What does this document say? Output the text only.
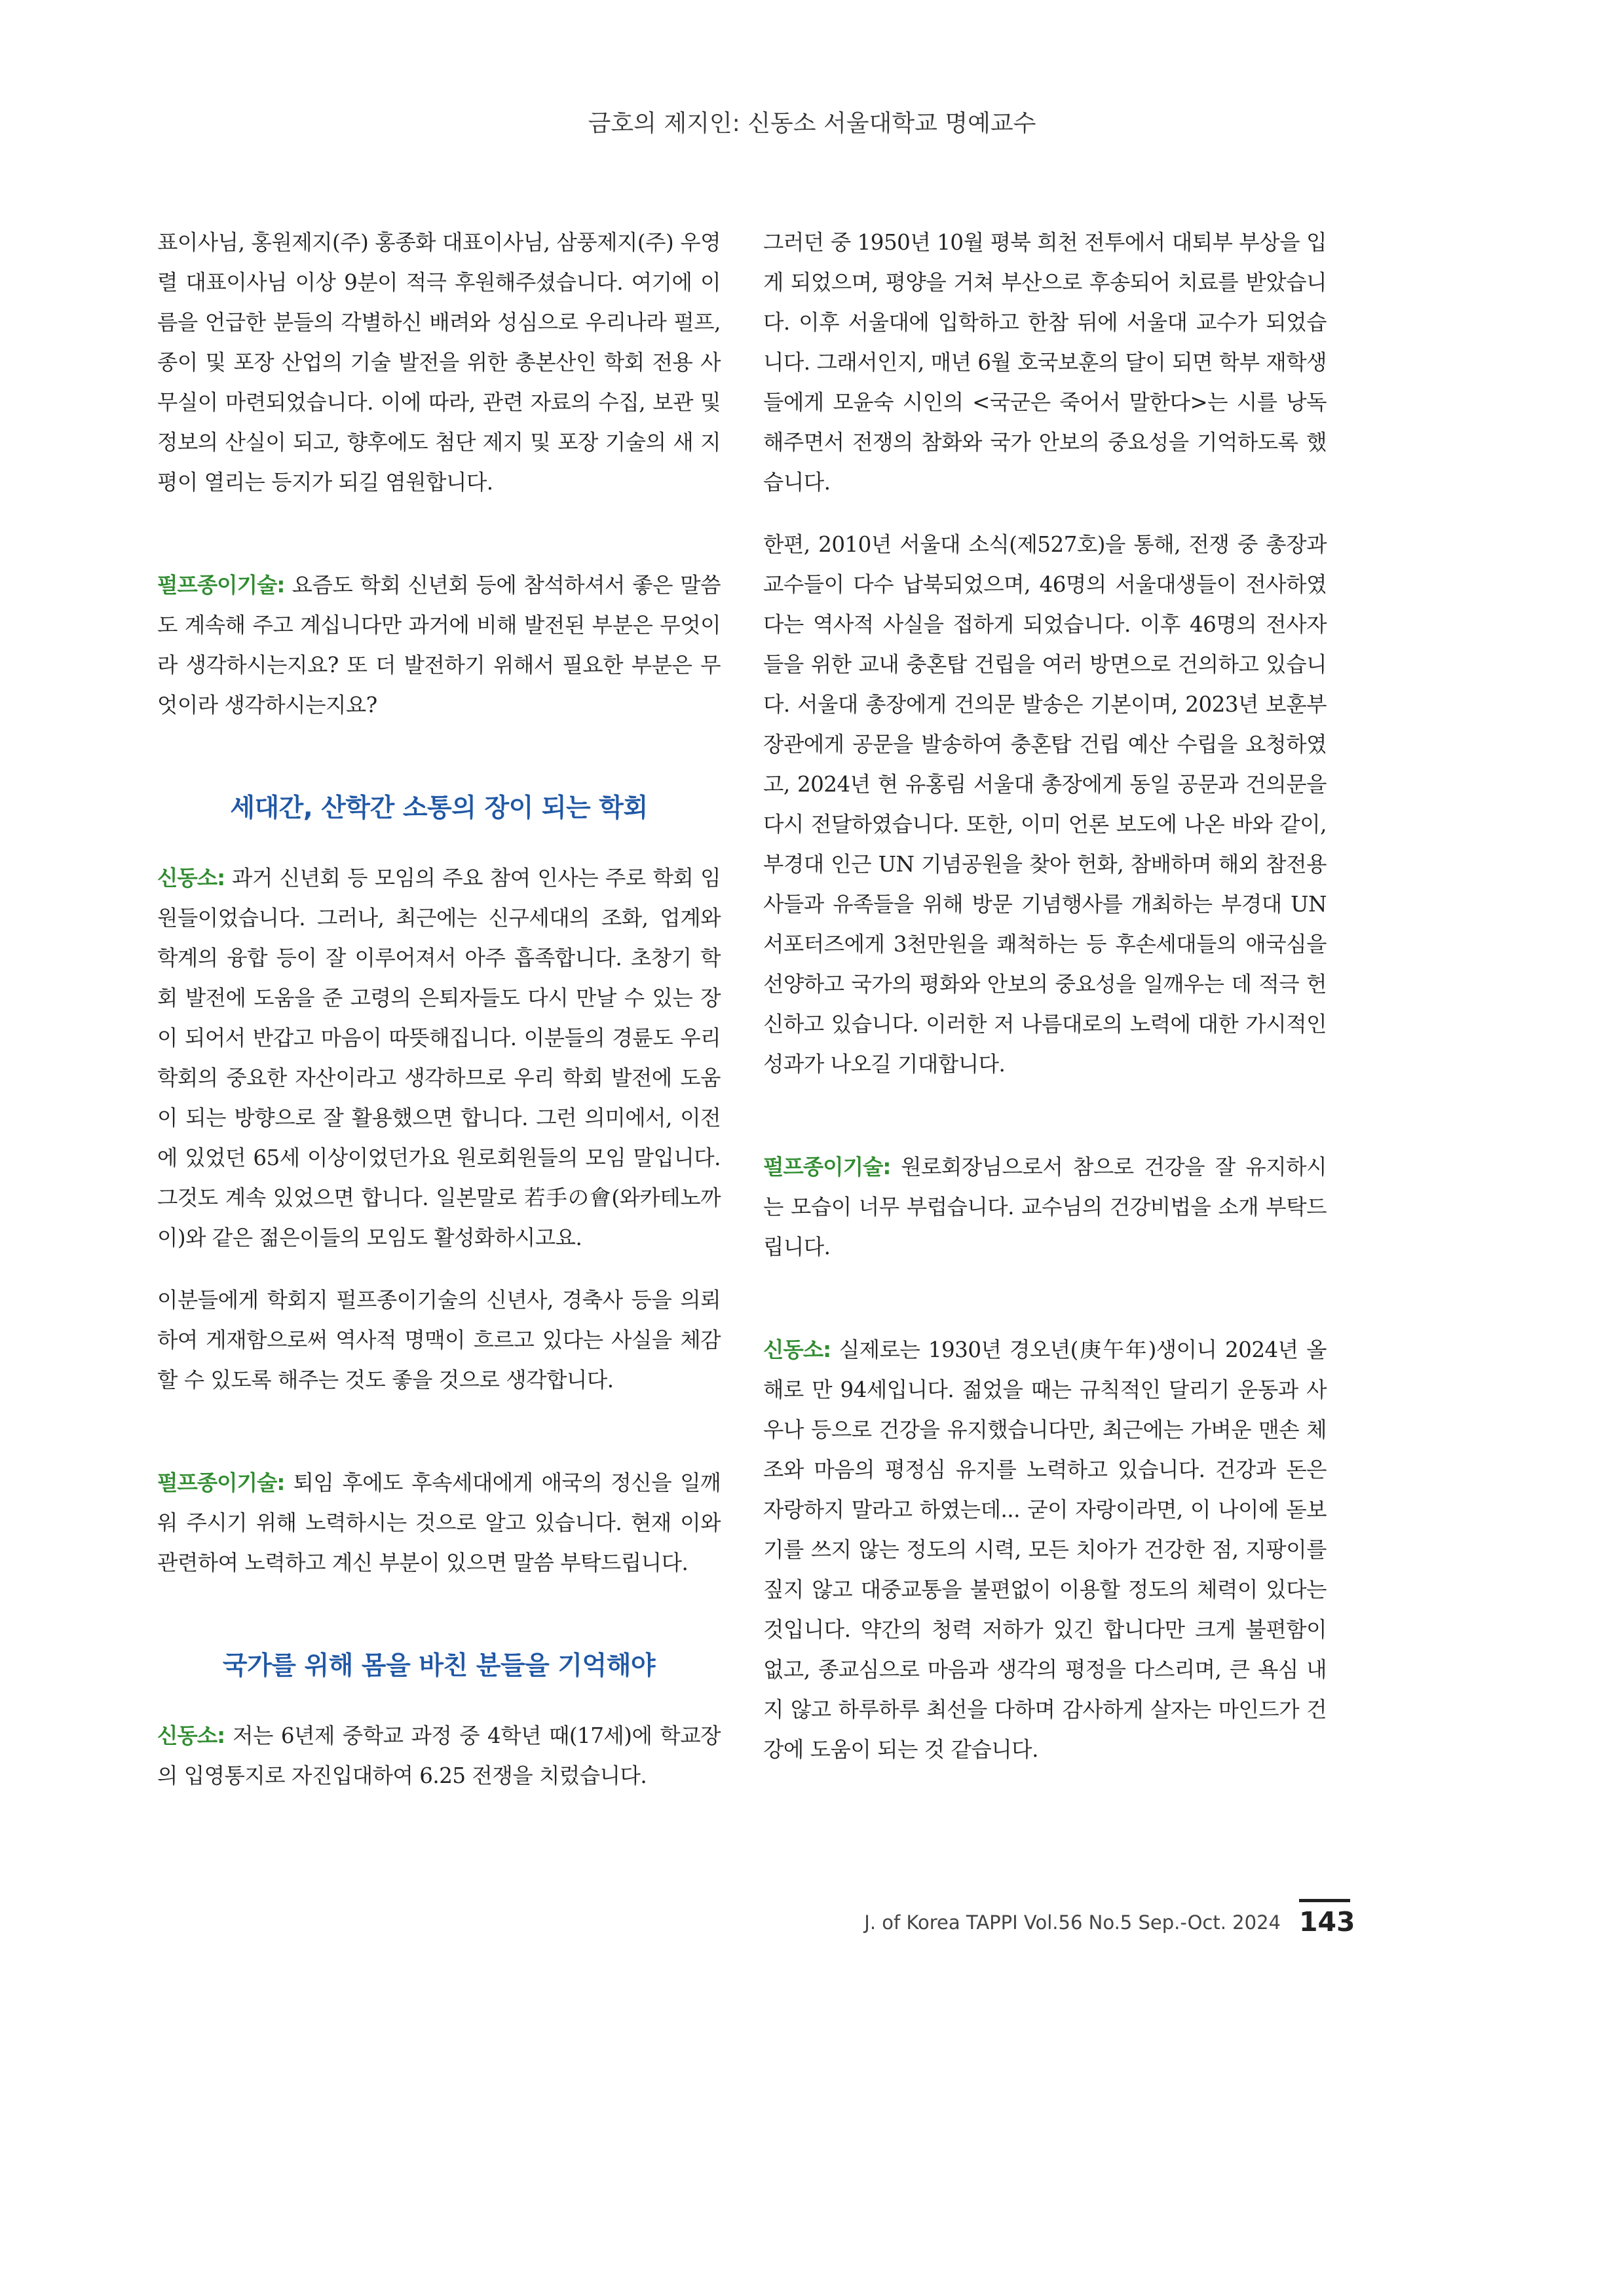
금호의 제지인: 신동소 서울대학교 명예교수

표이사님, 홍원제지(주) 홍종화 대표이사님, 삼풍제지(주) 우영렬 대표이사님 이상 9분이 적극 후원해주셨습니다. 여기에 이름을 언급한 분들의 각별하신 배려와 성심으로 우리나라 펄프, 종이 및 포장 산업의 기술 발전을 위한 총본산인 학회 전용 사무실이 마련되었습니다. 이에 따라, 관련 자료의 수집, 보관 및 정보의 산실이 되고, 향후에도 첨단 제지 및 포장 기술의 새 지평이 열리는 등지가 되길 염원합니다.

펄프종이기술: 요즘도 학회 신년회 등에 참석하셔서 좋은 말씀도 계속해 주고 계십니다만 과거에 비해 발전된 부분은 무엇이라 생각하시는지요? 또 더 발전하기 위해서 필요한 부분은 무엇이라 생각하시는지요?

세대간, 산학간 소통의 장이 되는 학회

신동소: 과거 신년회 등 모임의 주요 참여 인사는 주로 학회 임원들이었습니다. 그러나, 최근에는 신구세대의 조화, 업계와 학계의 융합 등이 잘 이루어져서 아주 흡족합니다. 초창기 학회 발전에 도움을 준 고령의 은퇴자들도 다시 만날 수 있는 장이 되어서 반갑고 마음이 따뜻해집니다. 이분들의 경륜도 우리 학회의 중요한 자산이라고 생각하므로 우리 학회 발전에 도움이 되는 방향으로 잘 활용했으면 합니다. 그런 의미에서, 이전에 있었던 65세 이상이었던가요 원로회원들의 모임 말입니다. 그것도 계속 있었으면 합니다. 일본말로 若手の會(와카테노까이)와 같은 젊은이들의 모임도 활성화하시고요.

이분들에게 학회지 펄프종이기술의 신년사, 경축사 등을 의뢰하여 게재함으로써 역사적 명맥이 흐르고 있다는 사실을 체감할 수 있도록 해주는 것도 좋을 것으로 생각합니다.

펄프종이기술: 퇴임 후에도 후속세대에게 애국의 정신을 일깨워 주시기 위해 노력하시는 것으로 알고 있습니다. 현재 이와 관련하여 노력하고 계신 부분이 있으면 말씀 부탁드립니다.

국가를 위해 몸을 바친 분들을 기억해야

신동소: 저는 6년제 중학교 과정 중 4학년 때(17세)에 학교장의 입영통지로 자진입대하여 6.25 전쟁을 치렀습니다.

그러던 중 1950년 10월 평북 희천 전투에서 대퇴부 부상을 입게 되었으며, 평양을 거쳐 부산으로 후송되어 치료를 받았습니다. 이후 서울대에 입학하고 한참 뒤에 서울대 교수가 되었습니다. 그래서인지, 매년 6월 호국보훈의 달이 되면 학부 재학생들에게 모윤숙 시인의 <국군은 죽어서 말한다>는 시를 낭독해주면서 전쟁의 참화와 국가 안보의 중요성을 기억하도록 했습니다.

한편, 2010년 서울대 소식(제527호)을 통해, 전쟁 중 총장과 교수들이 다수 납북되었으며, 46명의 서울대생들이 전사하였다는 역사적 사실을 접하게 되었습니다. 이후 46명의 전사자들을 위한 교내 충혼탑 건립을 여러 방면으로 건의하고 있습니다. 서울대 총장에게 건의문 발송은 기본이며, 2023년 보훈부 장관에게 공문을 발송하여 충혼탑 건립 예산 수립을 요청하였고, 2024년 현 유홍림 서울대 총장에게 동일 공문과 건의문을 다시 전달하였습니다. 또한, 이미 언론 보도에 나온 바와 같이, 부경대 인근 UN 기념공원을 찾아 헌화, 참배하며 해외 참전용사들과 유족들을 위해 방문 기념행사를 개최하는 부경대 UN서포터즈에게 3천만원을 쾌척하는 등 후손세대들의 애국심을 선양하고 국가의 평화와 안보의 중요성을 일깨우는 데 적극 헌신하고 있습니다. 이러한 저 나름대로의 노력에 대한 가시적인 성과가 나오길 기대합니다.

펄프종이기술: 원로회장님으로서 참으로 건강을 잘 유지하시는 모습이 너무 부럽습니다. 교수님의 건강비법을 소개 부탁드립니다.

신동소: 실제로는 1930년 경오년(庚午年)생이니 2024년 올해로 만 94세입니다. 젊었을 때는 규칙적인 달리기 운동과 사우나 등으로 건강을 유지했습니다만, 최근에는 가벼운 맨손 체조와 마음의 평정심 유지를 노력하고 있습니다. 건강과 돈은 자랑하지 말라고 하였는데... 굳이 자랑이라면, 이 나이에 돋보기를 쓰지 않는 정도의 시력, 모든 치아가 건강한 점, 지팡이를 짚지 않고 대중교통을 불편없이 이용할 정도의 체력이 있다는 것입니다. 약간의 청력 저하가 있긴 합니다만 크게 불편함이 없고, 종교심으로 마음과 생각의 평정을 다스리며, 큰 욕심 내지 않고 하루하루 최선을 다하며 감사하게 살자는 마인드가 건강에 도움이 되는 것 같습니다.

J. of Korea TAPPI Vol.56 No.5 Sep.-Oct. 2024 143
